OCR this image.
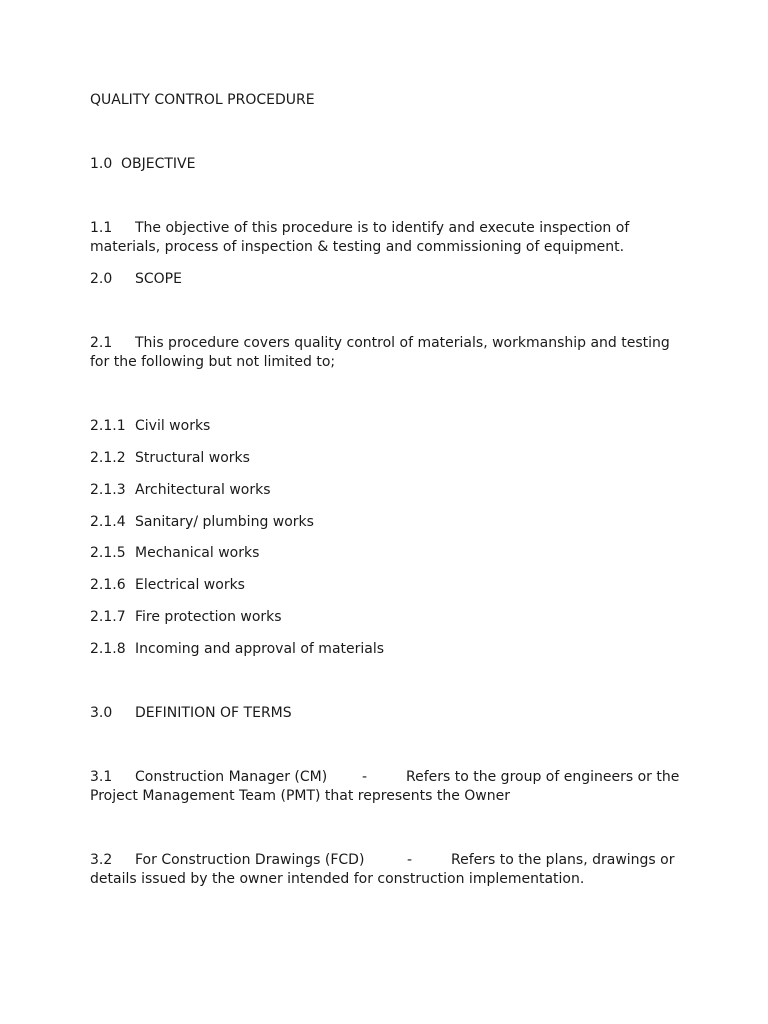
QUALITY CONTROL PROCEDURE
1.0 OBJECTIVE
1.1 The objective of this procedure is to identify and execute inspection of
materials, process of inspection & testing and commissioning of equipment.
2.0 SCOPE
2.1 This procedure covers quality control of materials, workmanship and testing
for the following but not limited to;
2.1.1 Civil works
2.1.2 Structural works
2.1.3 Architectural works
2.1.4 Sanitary/ plumbing works
2.1.5 Mechanical works
2.1.6 Electrical works
2.1.7 Fire protection works
2.1.8 Incoming and approval of materials
3.0 DEFINITION OF TERMS
3.1 Construction Manager (CM) -	Refers to the group of engineers or the
Project Management Team (PMT) that represents the Owner
3.2 For Construction Drawings (FCD)	-	Refers to the plans, drawings or
details issued by the owner intended for construction implementation.
